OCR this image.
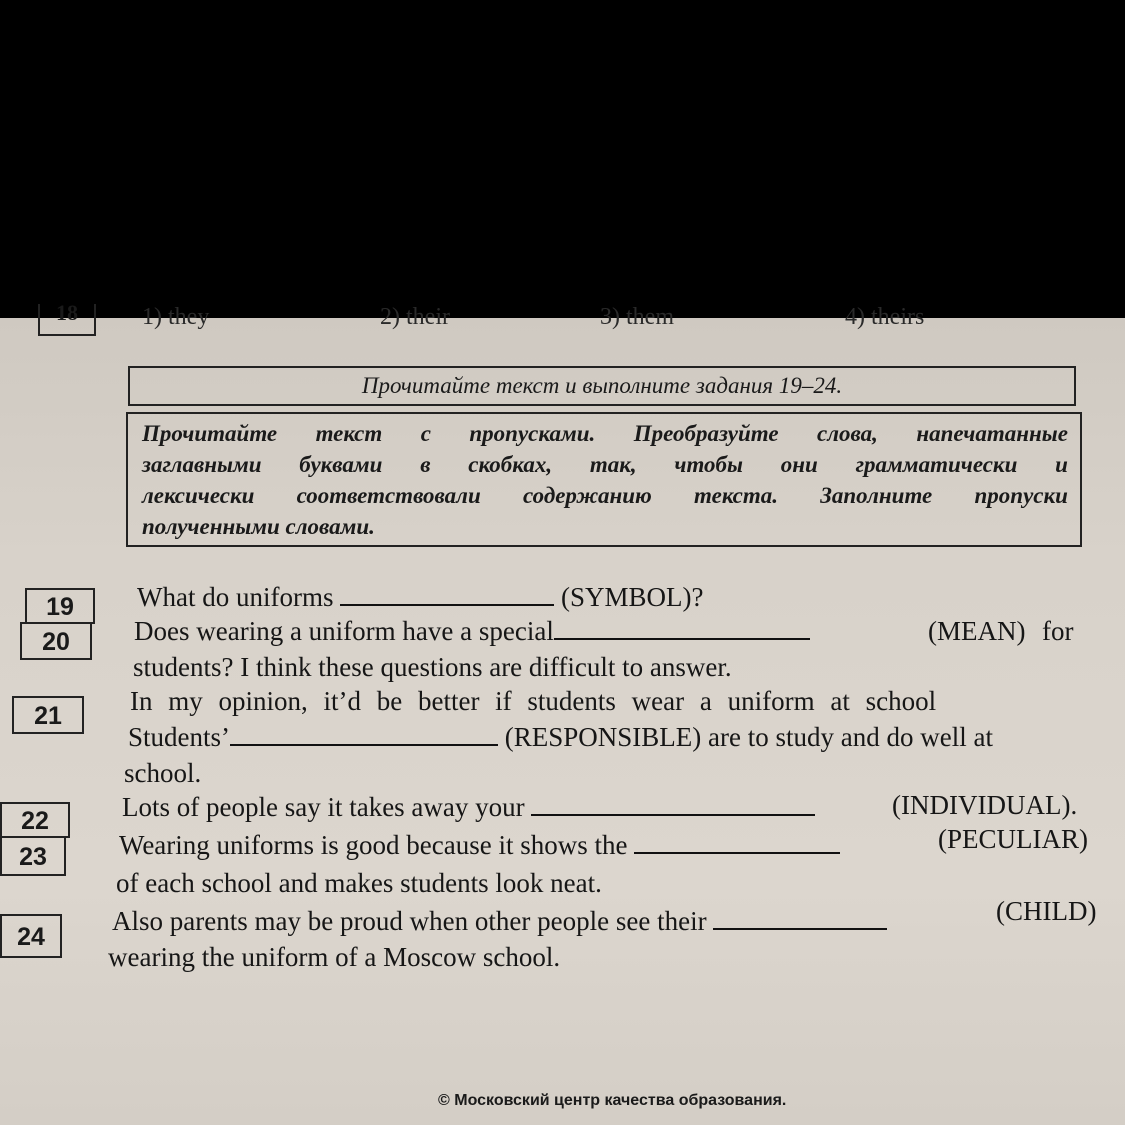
18	1) they	2) their	3) them	4) theirs
Прочитайте текст и выполните задания 19–24.
Прочитайте текст с пропусками. Преобразуйте слова, напечатанные
заглавными буквами в скобках, так, чтобы они грамматически и
лексически соответствовали содержанию текста. Заполните пропуски
полученными словами.
19
20
21
22
23
24
What do uniforms	(SYMBOL)?
Does wearing a uniform have a special	(MEAN) for
students? I think these questions are difficult to answer.
In my opinion, it’d be better if students wear a uniform at school
Students’	(RESPONSIBLE) are to study and do well at
school.
Lots of people say it takes away your	(INDIVIDUAL).
Wearing uniforms is good because it shows the	(PECULIAR)
of each school and makes students look neat.
Also parents may be proud when other people see their	(CHILD)
wearing the uniform of a Moscow school.
© Московский центр качества образования.
